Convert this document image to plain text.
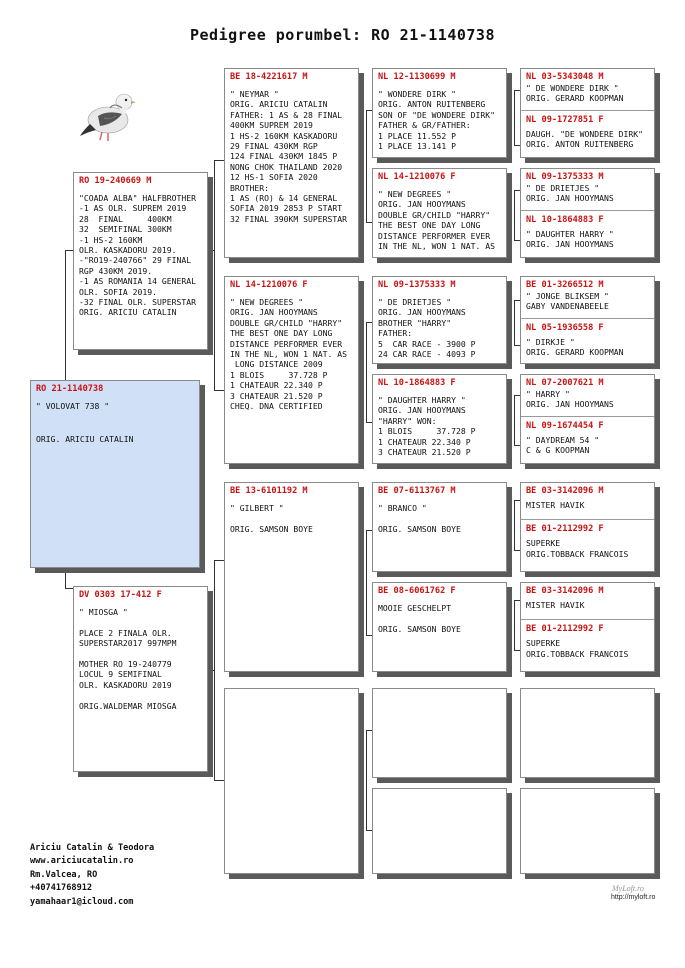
Pedigree porumbel: RO 21-1140738
RO 21-1140738
" VOLOVAT 738 "
ORIG. ARICIU CATALIN
RO 19-240669 M
"COADA ALBA" HALFBROTHER
-1 AS OLR. SUPREM 2019
28  FINAL     400KM
32  SEMIFINAL 300KM
-1 HS-2 160KM
OLR. KASKADORU 2019.
-"RO19-240766" 29 FINAL
RGP 430KM 2019.
-1 AS ROMANIA 14 GENERAL
OLR. SOFIA 2019.
-32 FINAL OLR. SUPERSTAR
ORIG. ARICIU CATALIN
DV 0303 17-412 F
" MIOSGA "

PLACE 2 FINALA OLR.
SUPERSTAR2017 997MPM

MOTHER RO 19-240779
LOCUL 9 SEMIFINAL
OLR. KASKADORU 2019

ORIG.WALDEMAR MIOSGA
BE 18-4221617 M
" NEYMAR "
ORIG. ARICIU CATALIN
FATHER: 1 AS & 28 FINAL
400KM SUPREM 2019
1 HS-2 160KM KASKADORU
29 FINAL 430KM RGP
124 FINAL 430KM 1845 P
NONG CHOK THAILAND 2020
12 HS-1 SOFIA 2020
BROTHER:
1 AS (RO) & 14 GENERAL
SOFIA 2019 2853 P START
32 FINAL 390KM SUPERSTAR
NL 14-1210076 F
" NEW DEGREES "
ORIG. JAN HOOYMANS
DOUBLE GR/CHILD "HARRY"
THE BEST ONE DAY LONG
DISTANCE PERFORMER EVER
IN THE NL, WON 1 NAT. AS
LONG DISTANCE 2009
1 BLOIS     37.728 P
1 CHATEAUR 22.340 P
3 CHATEAUR 21.520 P
CHEQ. DNA CERTIFIED
BE 13-6101192 M
" GILBERT "

ORIG. SAMSON BOYE
NL 12-1130699 M
" WONDERE DIRK "
ORIG. ANTON RUITENBERG
SON OF "DE WONDERE DIRK"
FATHER & GR/FATHER:
1 PLACE 11.552 P
1 PLACE 13.141 P
NL 14-1210076 F
" NEW DEGREES "
ORIG. JAN HOOYMANS
DOUBLE GR/CHILD "HARRY"
THE BEST ONE DAY LONG
DISTANCE PERFORMER EVER
IN THE NL, WON 1 NAT. AS
NL 09-1375333 M
" DE DRIETJES "
ORIG. JAN HOOYMANS
BROTHER "HARRY"
FATHER:
5  CAR RACE - 3900 P
24 CAR RACE - 4093 P
NL 10-1864883 F
" DAUGHTER HARRY "
ORIG. JAN HOOYMANS
"HARRY" WON:
1 BLOIS     37.728 P
1 CHATEAUR 22.340 P
3 CHATEAUR 21.520 P
BE 07-6113767 M
" BRANCO "

ORIG. SAMSON BOYE
BE 08-6061762 F
MOOIE GESCHELPT

ORIG. SAMSON BOYE
NL 03-5343048 M
" DE WONDERE DIRK "
ORIG. GERARD KOOPMAN
NL 09-1727851 F
DAUGH. "DE WONDERE DIRK"
ORIG. ANTON RUITENBERG
NL 09-1375333 M
" DE DRIETJES "
ORIG. JAN HOOYMANS
NL 10-1864883 F
" DAUGHTER HARRY "
ORIG. JAN HOOYMANS
BE 01-3266512 M
" JONGE BLIKSEM "
GABY VANDENABEELE
NL 05-1936558 F
" DIRKJE "
ORIG. GERARD KOOPMAN
NL 07-2007621 M
" HARRY "
ORIG. JAN HOOYMANS
NL 09-1674454 F
" DAYDREAM 54 "
C & G KOOPMAN
BE 03-3142096 M
MISTER HAVIK
BE 01-2112992 F
SUPERKE
ORIG.TOBBACK FRANCOIS
BE 03-3142096 M
MISTER HAVIK
BE 01-2112992 F
SUPERKE
ORIG.TOBBACK FRANCOIS
Ariciu Catalin & Teodora
www.ariciucatalin.ro
Rm.Valcea, RO
+40741768912
yamahaar1@icloud.com
MyLoft.ro
http://myloft.ro
